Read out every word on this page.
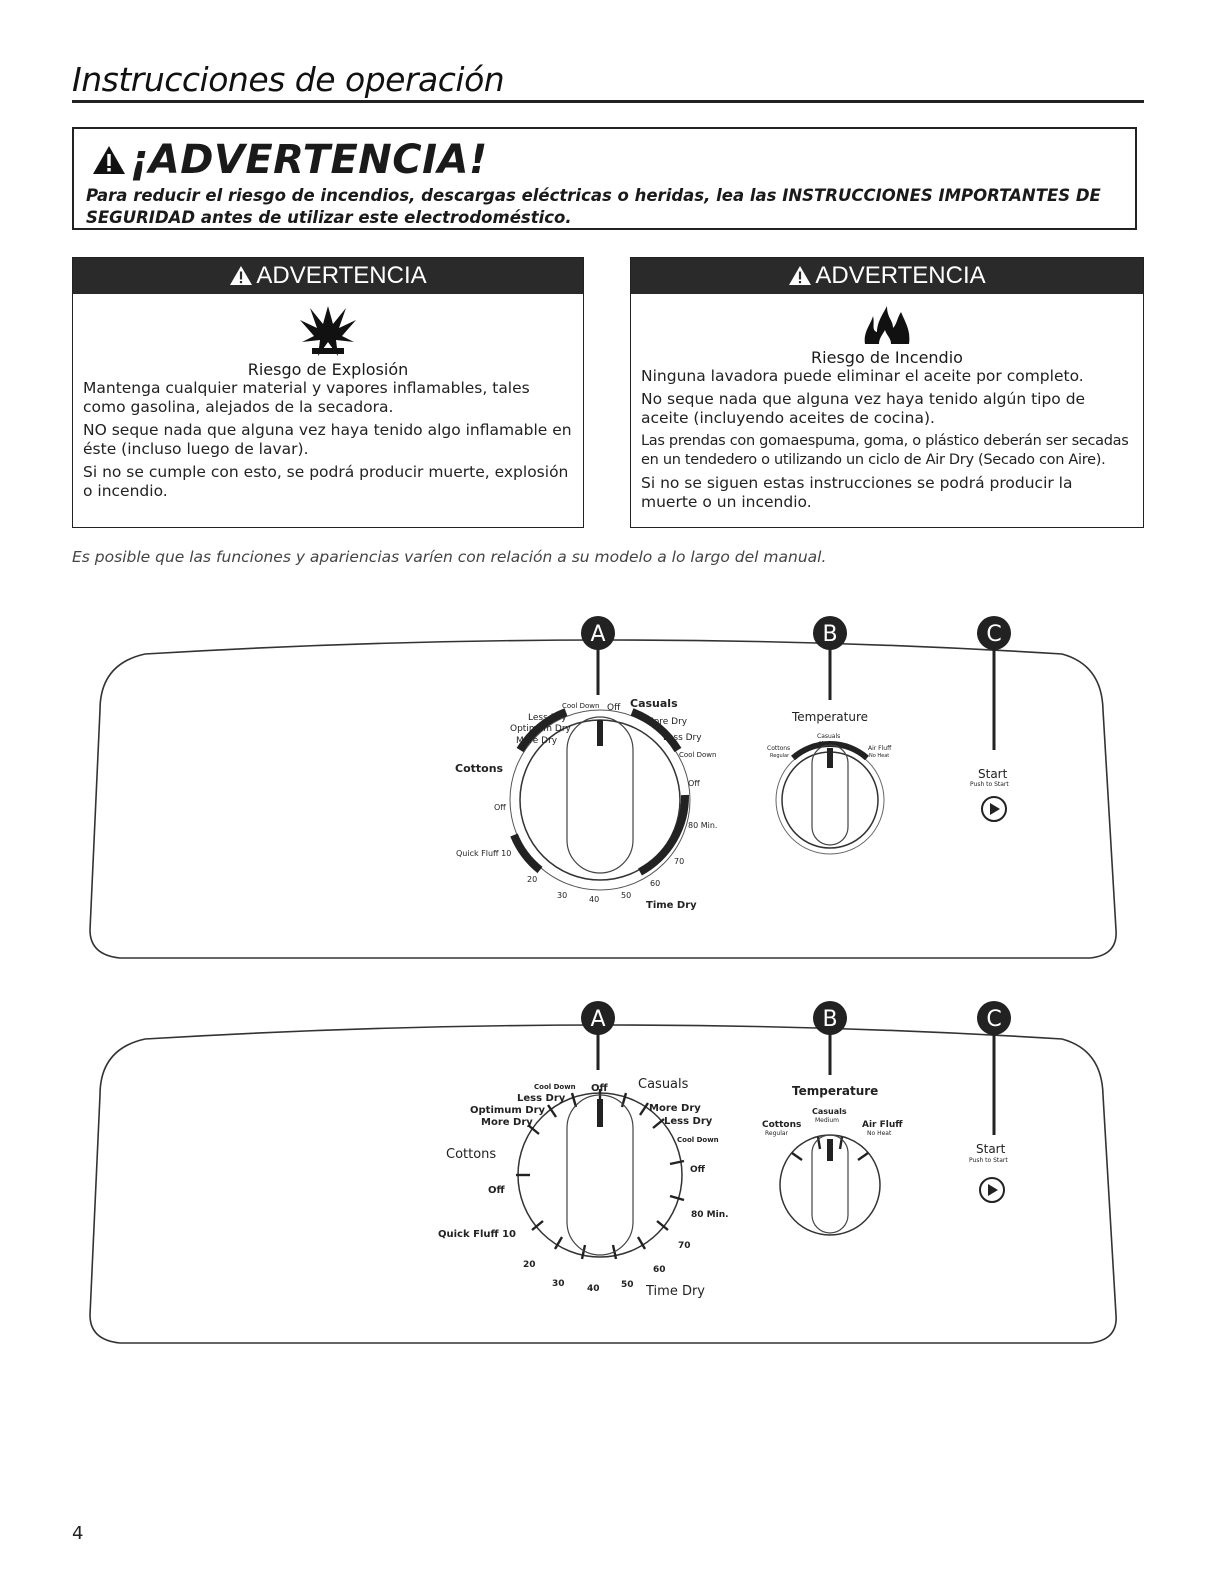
Instrucciones de operación
¡ADVERTENCIA!
Para reducir el riesgo de incendios, descargas eléctricas o heridas, lea las INSTRUCCIONES IMPORTANTES DE SEGURIDAD antes de utilizar este electrodoméstico.
ADVERTENCIA
Riesgo de Explosión

Mantenga cualquier material y vapores inflamables, tales como gasolina, alejados de la secadora.

NO seque nada que alguna vez haya tenido algo inflamable en éste (incluso luego de lavar).

Si no se cumple con esto, se podrá producir muerte, explosión o incendio.

ADVERTENCIA
Riesgo de Incendio

Ninguna lavadora puede eliminar el aceite por completo.

No seque nada que alguna vez haya tenido algún tipo de aceite (incluyendo aceites de cocina).

Las prendas con gomaespuma, goma, o plástico deberán ser secadas en un tendedero o utilizando un ciclo de Air Dry (Secado con Aire).

Si no se siguen estas instrucciones se podrá producir la muerte o un incendio.

Es posible que las funciones y apariencias varíen con relación a su modelo a lo largo del manual.

A	B	C
Cool Down Off Casuals
Less Dry
Optimum Dry
More Dry
Cottons
Off
Quick Fluff 10
More Dry
Less Dry
Cool Down
Off
80 Min.
70
60
50
40
30
20
Time Dry
Temperature
Casuals
Medium
Cottons
Regular
Air Fluff
No Heat
Start
Push to Start
A	B	C
Cool Down Off Casuals
Less Dry
Optimum Dry
More Dry
Cottons
Off
Quick Fluff 10
More Dry
Less Dry
Cool Down
Off
80 Min.
70
60
50
40
30
20
Time Dry
Temperature
Casuals
Medium
Cottons
Regular
Air Fluff
No Heat
Start
Push to Start
4
